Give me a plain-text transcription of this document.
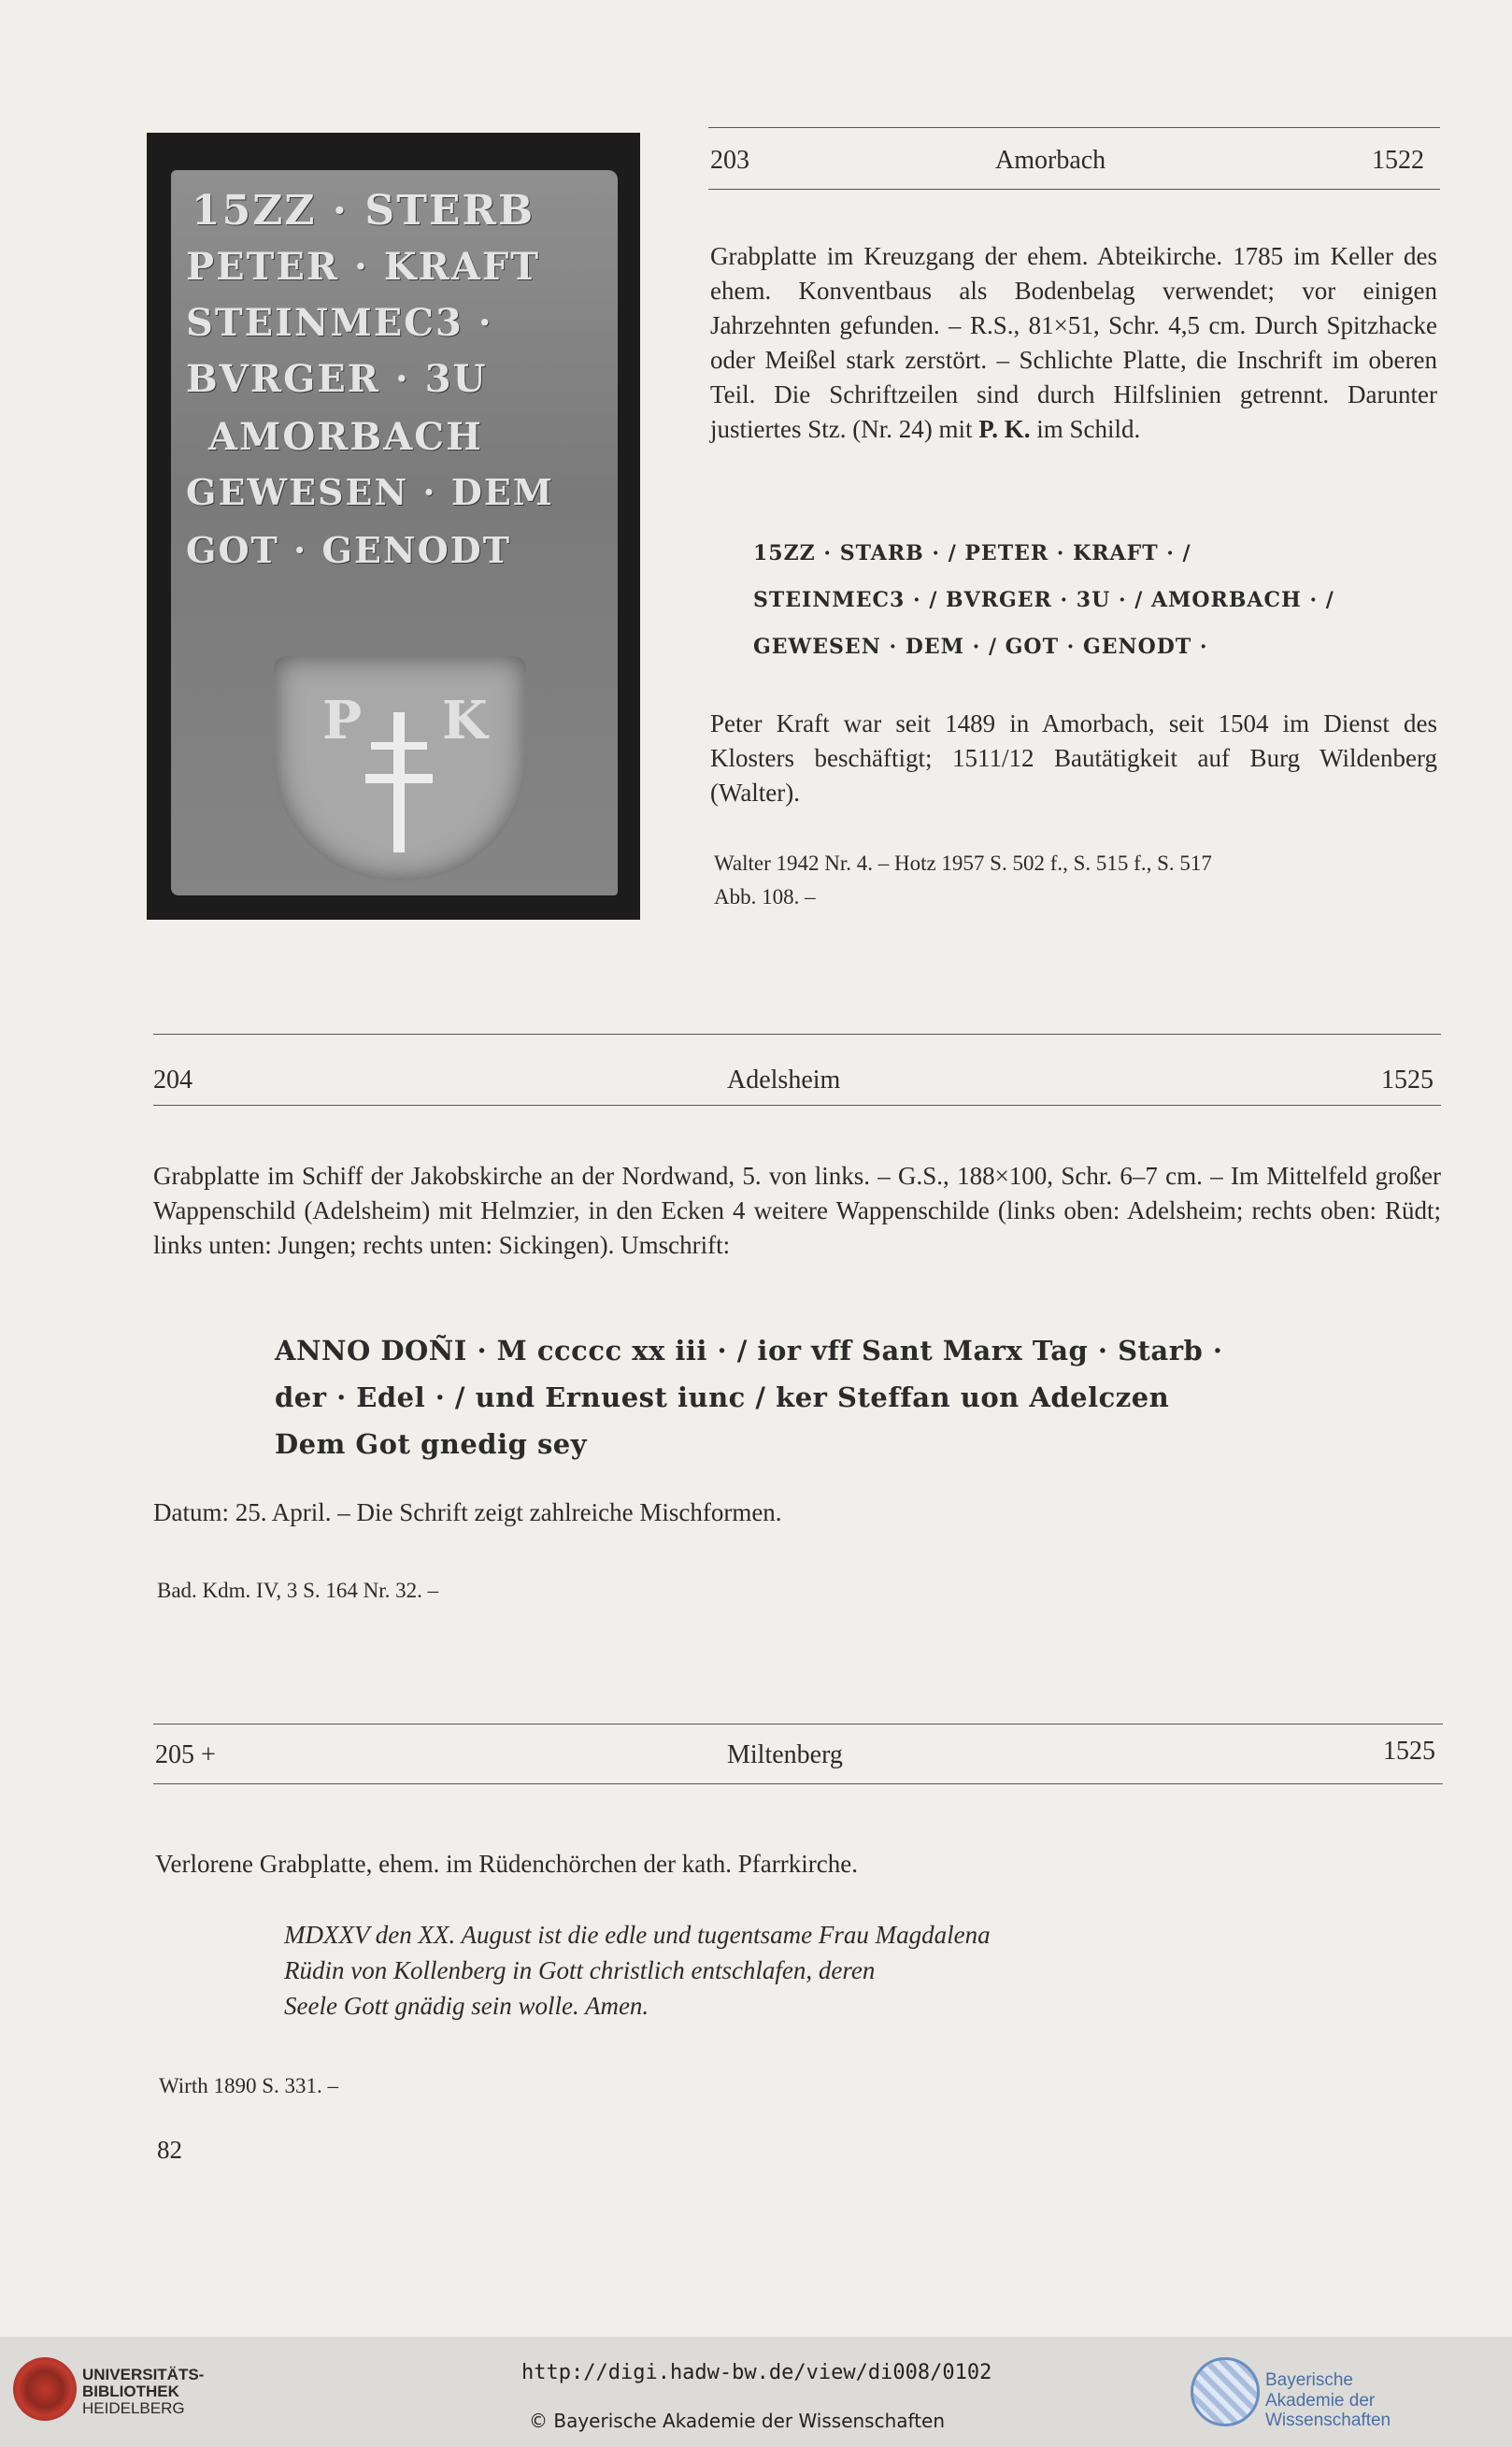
15ZZ · STERB
PETER · KRAFT
STEINMEC3 ·
BVRGER · 3U
AMORBACH
GEWESEN · DEM
GOT · GENODT
P K
203	Amorbach	1522
Grabplatte im Kreuzgang der ehem. Abteikirche. 1785 im Keller des ehem. Konventbaus als Bodenbelag verwendet; vor einigen Jahrzehnten gefunden. – R.S., 81×51, Schr. 4,5 cm. Durch Spitzhacke oder Meißel stark zerstört. – Schlichte Platte, die Inschrift im oberen Teil. Die Schriftzeilen sind durch Hilfslinien getrennt. Darunter justiertes Stz. (Nr. 24) mit P. K. im Schild.
15ZZ · STARB · / PETER · KRAFT · /
STEINMEC3 · / BVRGER · 3U · / AMORBACH · /
GEWESEN · DEM · / GOT · GENODT ·
Peter Kraft war seit 1489 in Amorbach, seit 1504 im Dienst des Klosters beschäftigt; 1511/12 Bautätigkeit auf Burg Wildenberg (Walter).
Walter 1942 Nr. 4. – Hotz 1957 S. 502 f., S. 515 f., S. 517
Abb. 108. –
204	Adelsheim	1525
Grabplatte im Schiff der Jakobskirche an der Nordwand, 5. von links. – G.S., 188×100, Schr. 6–7 cm. – Im Mittelfeld großer Wappenschild (Adelsheim) mit Helmzier, in den Ecken 4 weitere Wappenschilde (links oben: Adelsheim; rechts oben: Rüdt; links unten: Jungen; rechts unten: Sickingen). Umschrift:
ANNO DOÑI · M ccccc xx iii · / ior vff Sant Marx Tag · Starb ·
der · Edel · / und Ernuest iunc / ker Steffan uon Adelczen
Dem Got gnedig sey
Datum: 25. April. – Die Schrift zeigt zahlreiche Mischformen.
Bad. Kdm. IV, 3 S. 164 Nr. 32. –
205 +	Miltenberg	1525
Verlorene Grabplatte, ehem. im Rüdenchörchen der kath. Pfarrkirche.
MDXXV den XX. August ist die edle und tugentsame Frau Magdalena
Rüdin von Kollenberg in Gott christlich entschlafen, deren
Seele Gott gnädig sein wolle. Amen.
Wirth 1890 S. 331. –
82
UNIVERSITÄTS-
BIBLIOTHEK
HEIDELBERG
http://digi.hadw-bw.de/view/di008/0102
© Bayerische Akademie der Wissenschaften
Bayerische
Akademie der Wissenschaften
